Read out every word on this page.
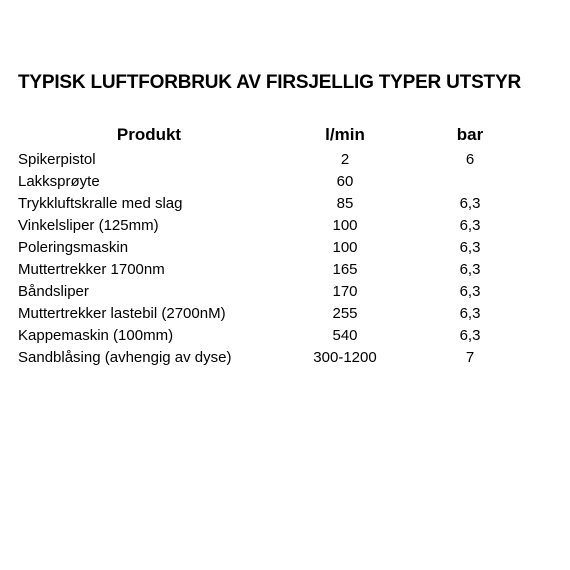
TYPISK LUFTFORBRUK AV FIRSJELLIG TYPER UTSTYR
Produkt	l/min	bar
Spikerpistol	2	6
Lakksprøyte	60	
Trykkluftskralle med slag	85	6,3
Vinkelsliper (125mm)	100	6,3
Poleringsmaskin	100	6,3
Muttertrekker 1700nm	165	6,3
Båndsliper	170	6,3
Muttertrekker lastebil (2700nM)	255	6,3
Kappemaskin (100mm)	540	6,3
Sandblåsing (avhengig av dyse)	300-1200	7
